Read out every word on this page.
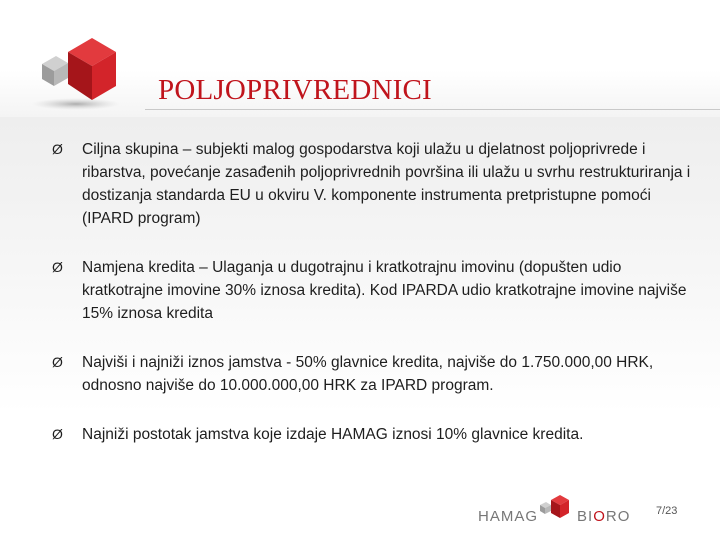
POLJOPRIVREDNICI
Ø	Ciljna skupina – subjekti malog gospodarstva koji ulažu u djelatnost poljoprivrede i ribarstva, povećanje zasađenih poljoprivrednih površina ili ulažu u svrhu restrukturiranja i dostizanja standarda EU u okviru V. komponente instrumenta pretpristupne pomoći (IPARD program)
Ø	Namjena kredita – Ulaganja u dugotrajnu i kratkotrajnu imovinu (dopušten udio kratkotrajne imovine 30% iznosa kredita). Kod IPARDA udio kratkotrajne imovine najviše 15% iznosa kredita
Ø	Najviši i najniži iznos jamstva - 50% glavnice kredita, najviše do 1.750.000,00 HRK, odnosno najviše do 10.000.000,00 HRK za IPARD program.
Ø	Najniži postotak jamstva koje izdaje HAMAG iznosi 10% glavnice kredita.
HAMAG	BIORO 7/23
